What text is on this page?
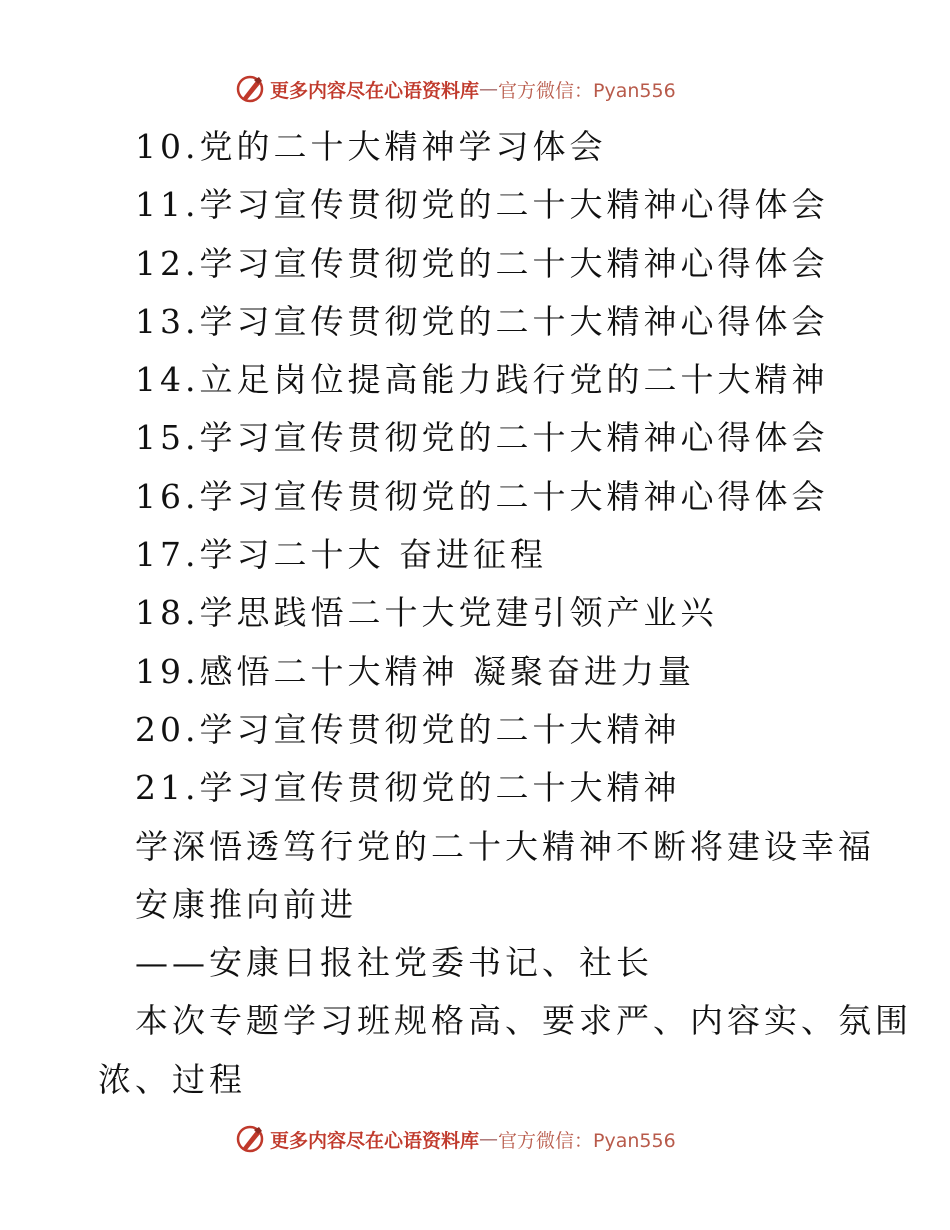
更多内容尽在心语资料库 — 官方微信：Pyan556
10.党的二十大精神学习体会
11.学习宣传贯彻党的二十大精神心得体会
12.学习宣传贯彻党的二十大精神心得体会
13.学习宣传贯彻党的二十大精神心得体会
14.立足岗位提高能力践行党的二十大精神
15.学习宣传贯彻党的二十大精神心得体会
16.学习宣传贯彻党的二十大精神心得体会
17.学习二十大 奋进征程
18.学思践悟二十大党建引领产业兴
19.感悟二十大精神 凝聚奋进力量
20.学习宣传贯彻党的二十大精神
21.学习宣传贯彻党的二十大精神
学深悟透笃行党的二十大精神不断将建设幸福
安康推向前进
——安康日报社党委书记、社长
本次专题学习班规格高、要求严、内容实、氛围
浓、过程
更多内容尽在心语资料库 — 官方微信：Pyan556
